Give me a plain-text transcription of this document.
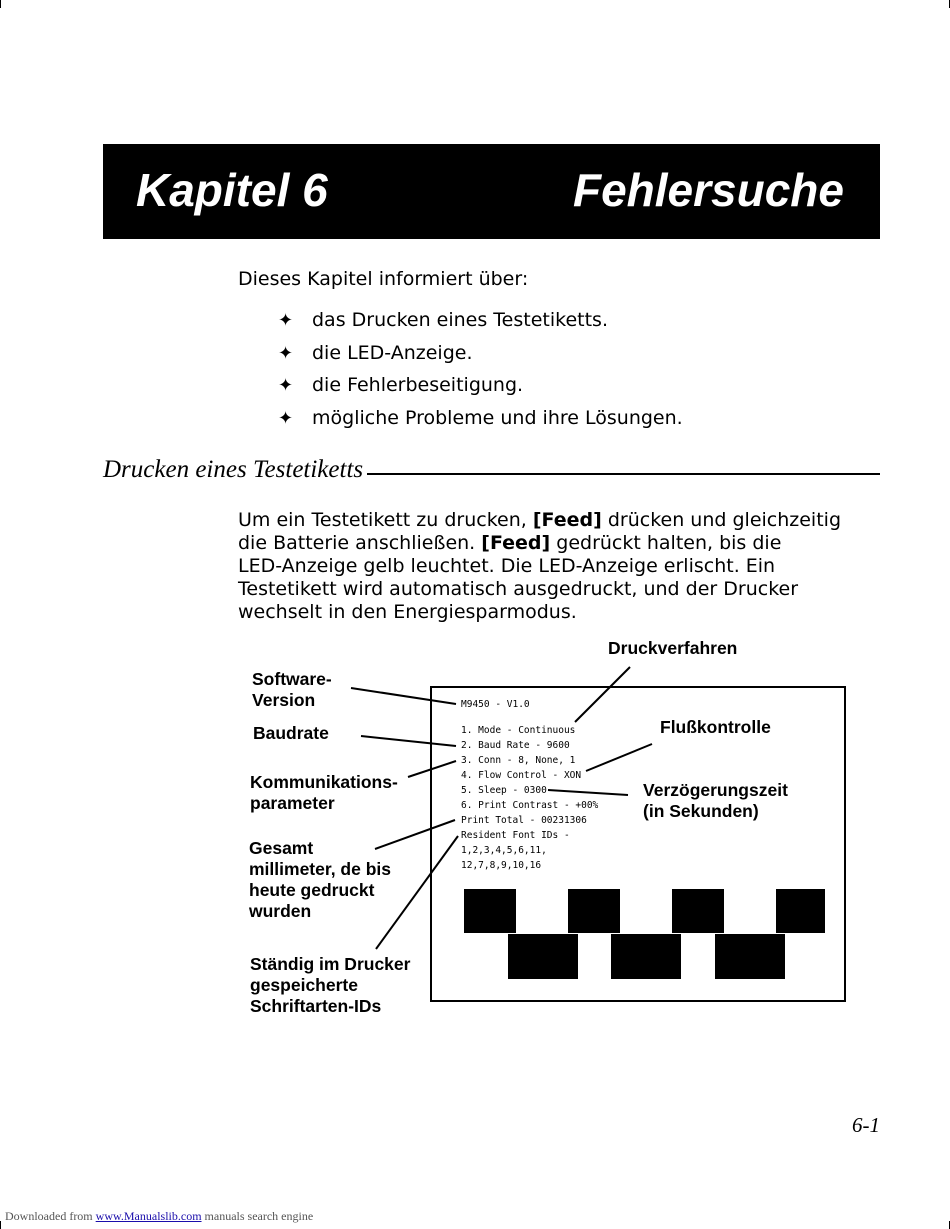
Kapitel 6	Fehlersuche

Dieses Kapitel informiert über:

✦ das Drucken eines Testetiketts.
✦ die LED-Anzeige.
✦ die Fehlerbeseitigung.
✦ mögliche Probleme und ihre Lösungen.
Drucken eines Testetiketts

Um ein Testetikett zu drucken, [Feed] drücken und gleichzeitig
die Batterie anschließen. [Feed] gedrückt halten, bis die
LED-Anzeige gelb leuchtet. Die LED-Anzeige erlischt. Ein
Testetikett wird automatisch ausgedruckt, und der Drucker
wechselt in den Energiesparmodus.

M9450 - V1.0
1. Mode - Continuous
2. Baud Rate - 9600
3. Conn - 8, None, 1
4. Flow Control - XON
5. Sleep - 0300
6. Print Contrast - +00%
Print Total - 00231306
Resident Font IDs -
1,2,3,4,5,6,11,
12,7,8,9,10,16
Software-
Version
Baudrate
Kommunikations-
parameter
Gesamt
millimeter, de bis
heute gedruckt
wurden
Ständig im Drucker
gespeicherte
Schriftarten-IDs
Druckverfahren
Flußkontrolle
Verzögerungszeit
(in Sekunden)
6-1
Downloaded from www.Manualslib.com manuals search engine
